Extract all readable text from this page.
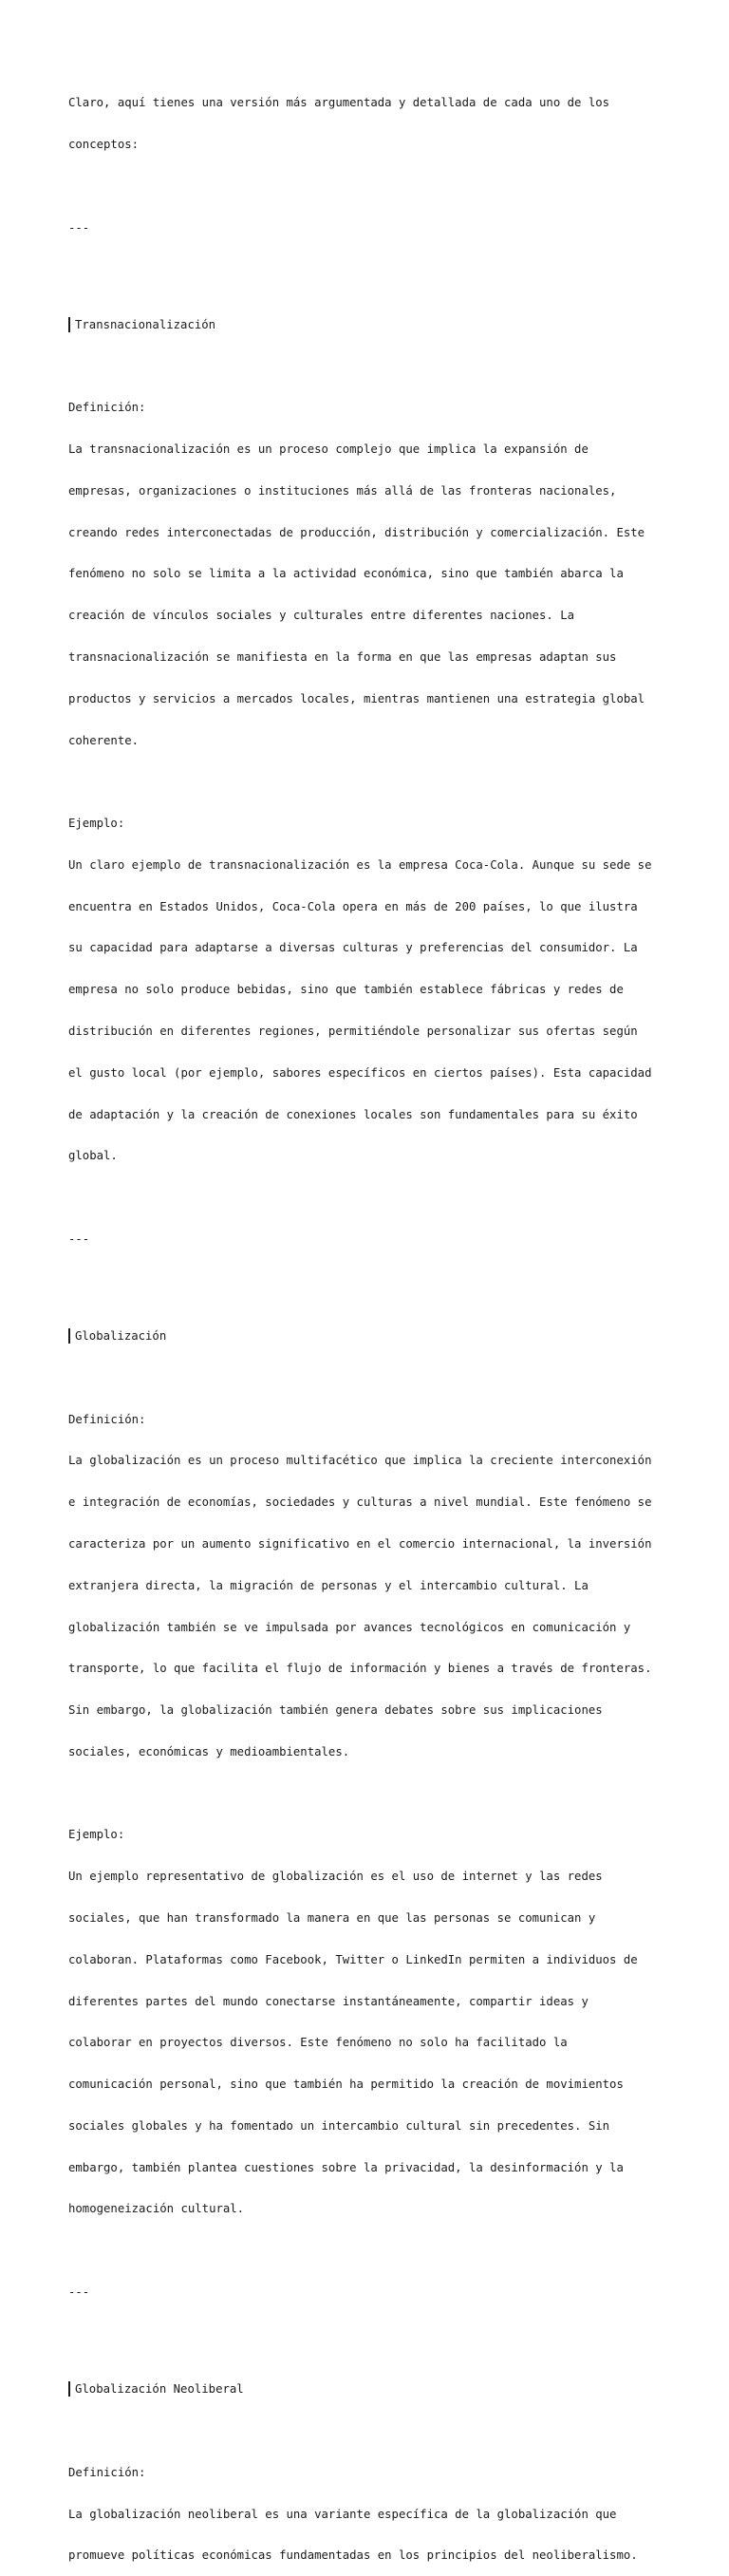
Claro, aquí tienes una versión más argumentada y detallada de cada uno de los

conceptos:

---

Transnacionalización

Definición:

La transnacionalización es un proceso complejo que implica la expansión de

empresas, organizaciones o instituciones más allá de las fronteras nacionales,

creando redes interconectadas de producción, distribución y comercialización. Este

fenómeno no solo se limita a la actividad económica, sino que también abarca la

creación de vínculos sociales y culturales entre diferentes naciones. La

transnacionalización se manifiesta en la forma en que las empresas adaptan sus

productos y servicios a mercados locales, mientras mantienen una estrategia global

coherente.

Ejemplo:

Un claro ejemplo de transnacionalización es la empresa Coca-Cola. Aunque su sede se

encuentra en Estados Unidos, Coca-Cola opera en más de 200 países, lo que ilustra

su capacidad para adaptarse a diversas culturas y preferencias del consumidor. La

empresa no solo produce bebidas, sino que también establece fábricas y redes de

distribución en diferentes regiones, permitiéndole personalizar sus ofertas según

el gusto local (por ejemplo, sabores específicos en ciertos países). Esta capacidad

de adaptación y la creación de conexiones locales son fundamentales para su éxito

global.

---

Globalización

Definición:

La globalización es un proceso multifacético que implica la creciente interconexión

e integración de economías, sociedades y culturas a nivel mundial. Este fenómeno se

caracteriza por un aumento significativo en el comercio internacional, la inversión

extranjera directa, la migración de personas y el intercambio cultural. La

globalización también se ve impulsada por avances tecnológicos en comunicación y

transporte, lo que facilita el flujo de información y bienes a través de fronteras.

Sin embargo, la globalización también genera debates sobre sus implicaciones

sociales, económicas y medioambientales.

Ejemplo:

Un ejemplo representativo de globalización es el uso de internet y las redes

sociales, que han transformado la manera en que las personas se comunican y

colaboran. Plataformas como Facebook, Twitter o LinkedIn permiten a individuos de

diferentes partes del mundo conectarse instantáneamente, compartir ideas y

colaborar en proyectos diversos. Este fenómeno no solo ha facilitado la

comunicación personal, sino que también ha permitido la creación de movimientos

sociales globales y ha fomentado un intercambio cultural sin precedentes. Sin

embargo, también plantea cuestiones sobre la privacidad, la desinformación y la

homogeneización cultural.

---

Globalización Neoliberal

Definición:

La globalización neoliberal es una variante específica de la globalización que

promueve políticas económicas fundamentadas en los principios del neoliberalismo.
